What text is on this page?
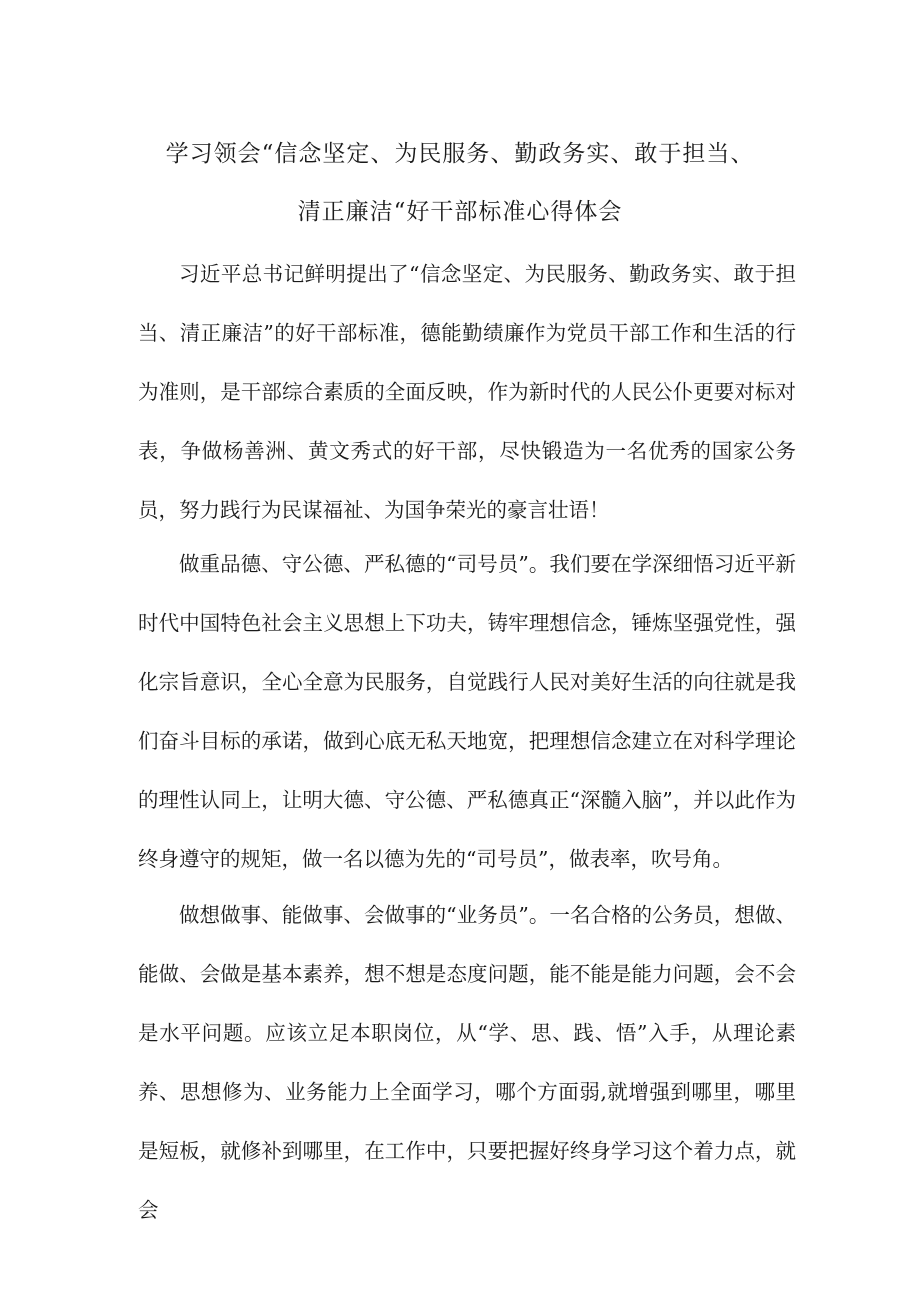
学习领会“信念坚定、为民服务、勤政务实、敢于担当、
清正廉洁“好干部标准心得体会

习近平总书记鲜明提出了“信念坚定、为民服务、勤政务实、敢于担当、清正廉洁”的好干部标准，德能勤绩廉作为党员干部工作和生活的行为准则，是干部综合素质的全面反映，作为新时代的人民公仆更要对标对表，争做杨善洲、黄文秀式的好干部，尽快锻造为一名优秀的国家公务员，努力践行为民谋福祉、为国争荣光的豪言壮语！

做重品德、守公德、严私德的“司号员”。我们要在学深细悟习近平新时代中国特色社会主义思想上下功夫，铸牢理想信念，锤炼坚强党性，强化宗旨意识，全心全意为民服务，自觉践行人民对美好生活的向往就是我们奋斗目标的承诺，做到心底无私天地宽，把理想信念建立在对科学理论的理性认同上，让明大德、守公德、严私德真正“深髓入脑”，并以此作为终身遵守的规矩，做一名以德为先的“司号员”，做表率，吹号角。

做想做事、能做事、会做事的“业务员”。一名合格的公务员，想做、能做、会做是基本素养，想不想是态度问题，能不能是能力问题，会不会是水平问题。应该立足本职岗位，从“学、思、践、悟”入手，从理论素养、思想修为、业务能力上全面学习，哪个方面弱,就增强到哪里，哪里是短板，就修补到哪里，在工作中，只要把握好终身学习这个着力点，就会
